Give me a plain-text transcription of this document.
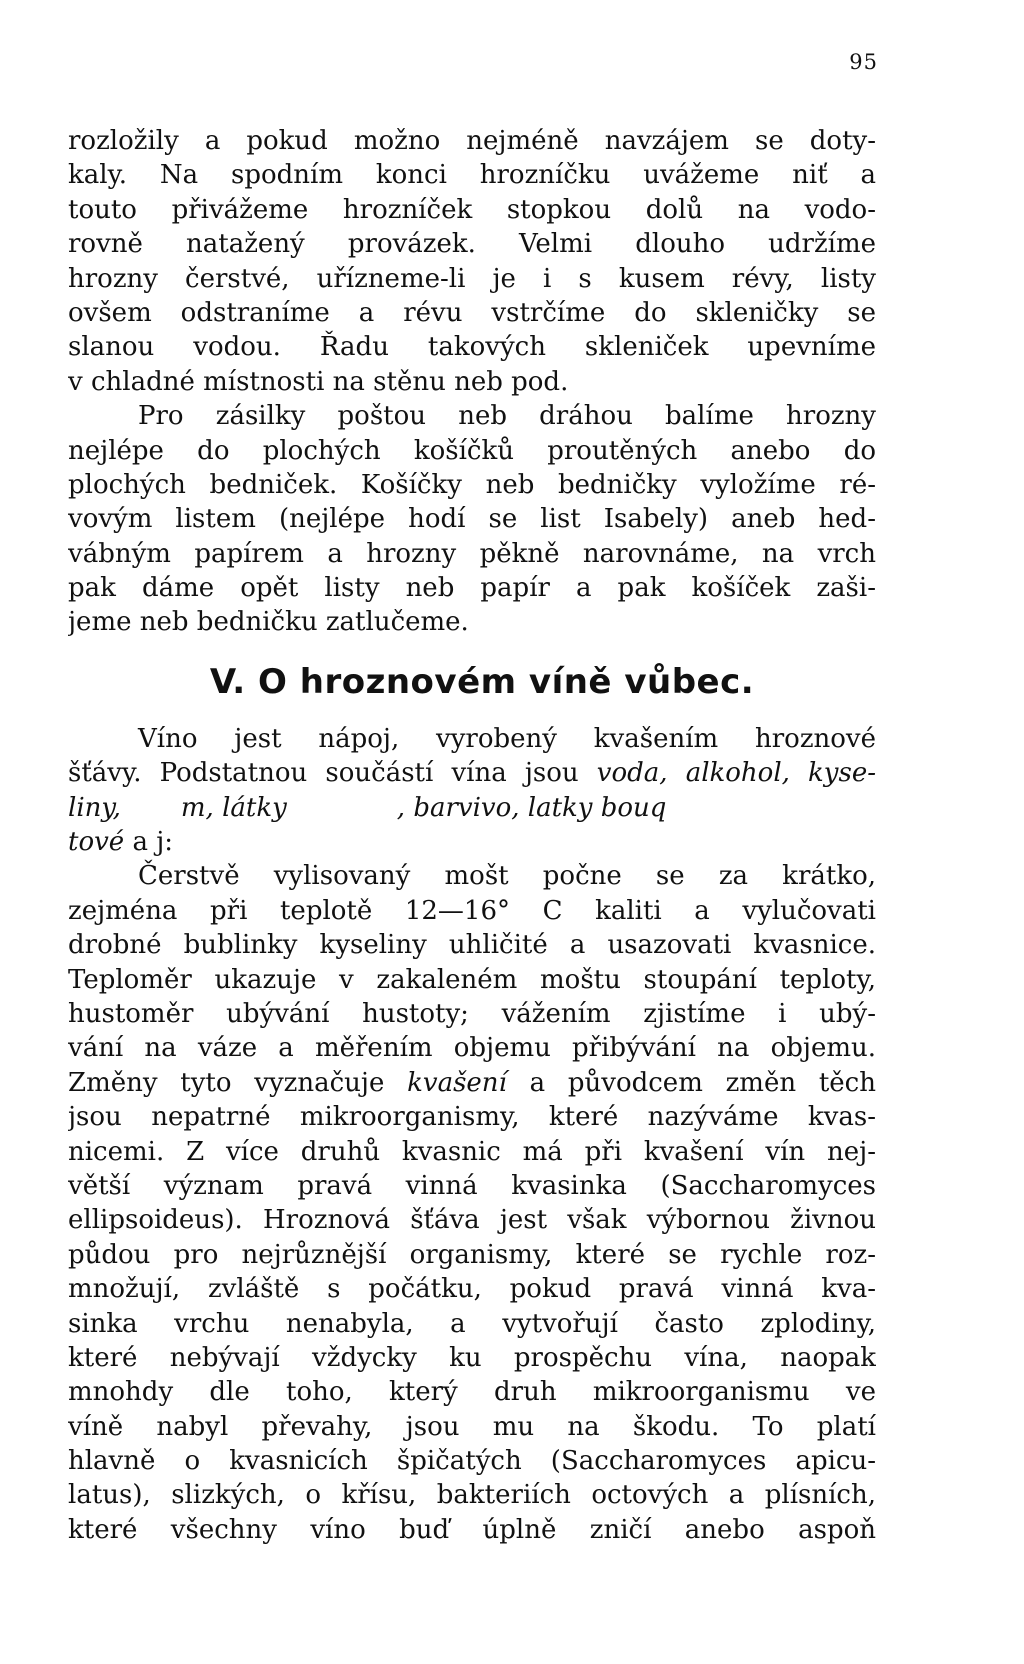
95
rozložily a pokud možno nejméně navzájem se doty-
kaly. Na spodním konci hrozníčku uvážeme niť a
touto přivážeme hrozníček stopkou dolů na vodo-
rovně natažený provázek. Velmi dlouho udržíme
hrozny čerstvé, uřízneme-li je i s kusem révy, listy
ovšem odstraníme a révu vstrčíme do skleničky se
slanou vodou. Řadu takových skleniček upevníme
v chladné místnosti na stěnu neb pod.
Pro zásilky poštou neb dráhou balíme hrozny
nejlépe do plochých košíčků proutěných anebo do
plochých bedniček. Košíčky neb bedničky vyložíme ré-
vovým listem (nejlépe hodí se list Isabely) aneb hed-
vábným papírem a hrozny pěkně narovnáme, na vrch
pak dáme opět listy neb papír a pak košíček zaši-
jeme neb bedničku zatlučeme.
V. O hroznovém víně vůbec.
Víno jest nápoj, vyrobený kvašením hroznové
šťávy. Podstatnou součástí vína jsou voda, alkohol, kyse-
liny, m, látky	, barvivo, latky bouq
tové a j:
Čerstvě vylisovaný mošt počne se za krátko,
zejména při teplotě 12—16° C kaliti a vylučovati
drobné bublinky kyseliny uhličité a usazovati kvasnice.
Teploměr ukazuje v zakaleném moštu stoupání teploty,
hustoměr ubývání hustoty; vážením zjistíme i ubý-
vání na váze a měřením objemu přibývání na objemu.
Změny tyto vyznačuje kvašení a původcem změn těch
jsou nepatrné mikroorganismy, které nazýváme kvas-
nicemi. Z více druhů kvasnic má při kvašení vín nej-
větší význam pravá vinná kvasinka (Saccharomyces
ellipsoideus). Hroznová šťáva jest však výbornou živnou
půdou pro nejrůznější organismy, které se rychle roz-
množují, zvláště s počátku, pokud pravá vinná kva-
sinka vrchu nenabyla, a vytvořují často zplodiny,
které nebývají vždycky ku prospěchu vína, naopak
mnohdy dle toho, který druh mikroorganismu ve
víně nabyl převahy, jsou mu na škodu. To platí
hlavně o kvasnicích špičatých (Saccharomyces apicu-
latus), slizkých, o křísu, bakteriích octových a plísních,
které všechny víno buď úplně zničí anebo aspoň
